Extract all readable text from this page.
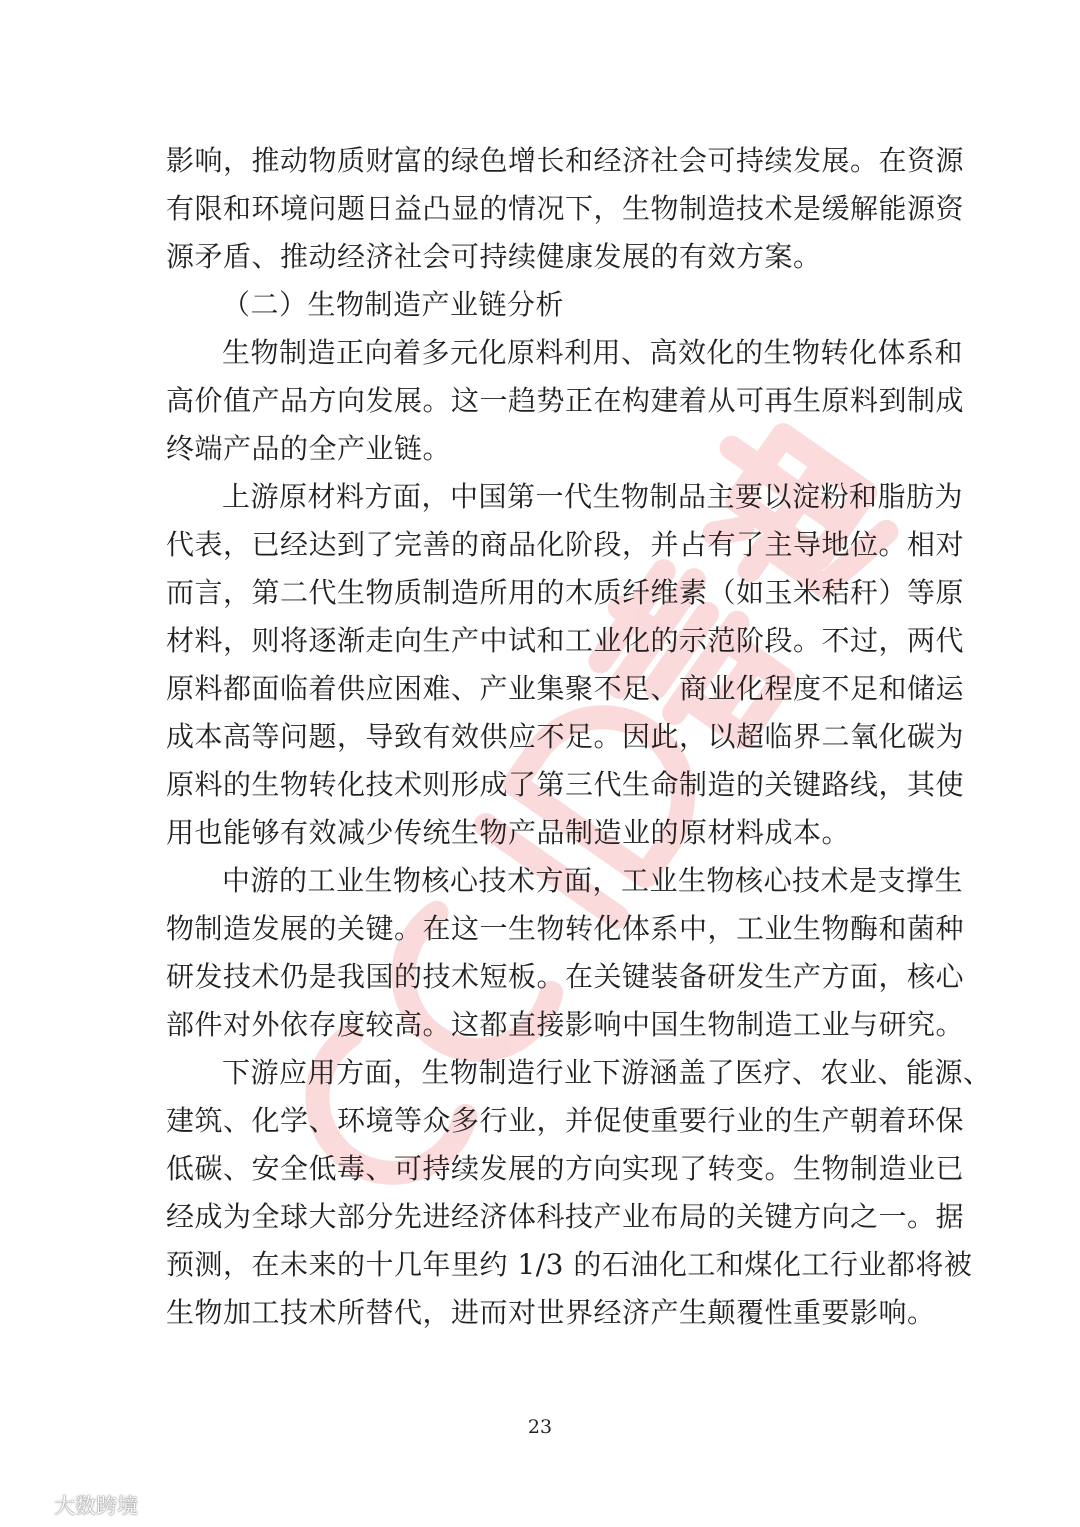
影响，推动物质财富的绿色增长和经济社会可持续发展。在资源
有限和环境问题日益凸显的情况下，生物制造技术是缓解能源资
源矛盾、推动经济社会可持续健康发展的有效方案。
（二）生物制造产业链分析
生物制造正向着多元化原料利用、高效化的生物转化体系和
高价值产品方向发展。这一趋势正在构建着从可再生原料到制成
终端产品的全产业链。
上游原材料方面，中国第一代生物制品主要以淀粉和脂肪为
代表，已经达到了完善的商品化阶段，并占有了主导地位。相对
而言，第二代生物质制造所用的木质纤维素（如玉米秸秆）等原
材料，则将逐渐走向生产中试和工业化的示范阶段。不过，两代
原料都面临着供应困难、产业集聚不足、商业化程度不足和储运
成本高等问题，导致有效供应不足。因此，以超临界二氧化碳为
原料的生物转化技术则形成了第三代生命制造的关键路线，其使
用也能够有效减少传统生物产品制造业的原材料成本。
中游的工业生物核心技术方面，工业生物核心技术是支撑生
物制造发展的关键。在这一生物转化体系中，工业生物酶和菌种
研发技术仍是我国的技术短板。在关键装备研发生产方面，核心
部件对外依存度较高。这都直接影响中国生物制造工业与研究。
下游应用方面，生物制造行业下游涵盖了医疗、农业、能源、
建筑、化学、环境等众多行业，并促使重要行业的生产朝着环保
低碳、安全低毒、可持续发展的方向实现了转变。生物制造业已
经成为全球大部分先进经济体科技产业布局的关键方向之一。据
预测，在未来的十几年里约 1/3 的石油化工和煤化工行业都将被
生物加工技术所替代，进而对世界经济产生颠覆性重要影响。
23
大数跨境
